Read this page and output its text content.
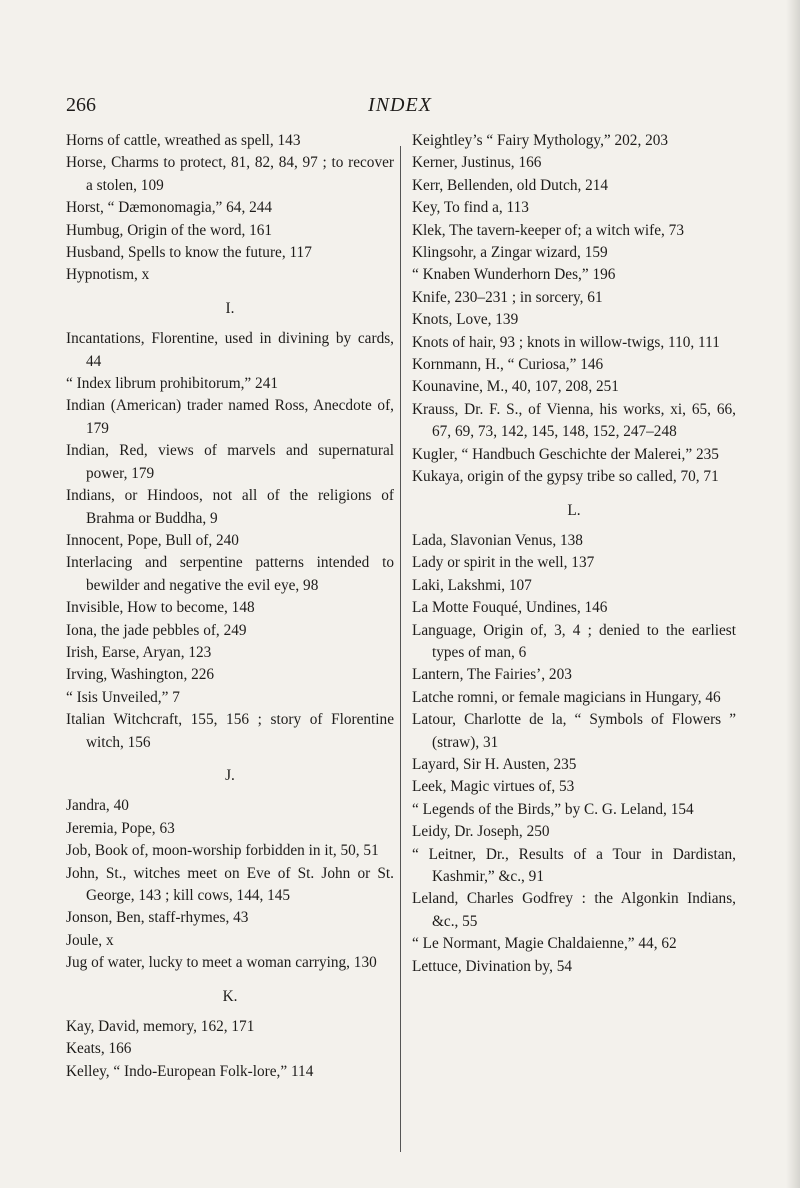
266	INDEX
Horns of cattle, wreathed as spell, 143
Horse, Charms to protect, 81, 82, 84, 97 ; to recover a stolen, 109
Horst, “ Dæmonomagia,” 64, 244
Humbug, Origin of the word, 161
Husband, Spells to know the future, 117
Hypnotism, x
I.
Incantations, Florentine, used in divining by cards, 44
“ Index librum prohibitorum,” 241
Indian (American) trader named Ross, Anecdote of, 179
Indian, Red, views of marvels and supernatural power, 179
Indians, or Hindoos, not all of the religions of Brahma or Buddha, 9
Innocent, Pope, Bull of, 240
Interlacing and serpentine patterns intended to bewilder and negative the evil eye, 98
Invisible, How to become, 148
Iona, the jade pebbles of, 249
Irish, Earse, Aryan, 123
Irving, Washington, 226
“ Isis Unveiled,” 7
Italian Witchcraft, 155, 156 ; story of Florentine witch, 156
J.
Jandra, 40
Jeremia, Pope, 63
Job, Book of, moon-worship forbidden in it, 50, 51
John, St., witches meet on Eve of St. John or St. George, 143 ; kill cows, 144, 145
Jonson, Ben, staff-rhymes, 43
Joule, x
Jug of water, lucky to meet a woman carrying, 130
K.
Kay, David, memory, 162, 171
Keats, 166
Kelley, “ Indo-European Folk-lore,” 114
Keightley’s “ Fairy Mythology,” 202, 203
Kerner, Justinus, 166
Kerr, Bellenden, old Dutch, 214
Key, To find a, 113
Klek, The tavern-keeper of; a witch wife, 73
Klingsohr, a Zingar wizard, 159
“ Knaben Wunderhorn Des,” 196
Knife, 230–231 ; in sorcery, 61
Knots, Love, 139
Knots of hair, 93 ; knots in willow-twigs, 110, 111
Kornmann, H., “ Curiosa,” 146
Kounavine, M., 40, 107, 208, 251
Krauss, Dr. F. S., of Vienna, his works, xi, 65, 66, 67, 69, 73, 142, 145, 148, 152, 247–248
Kugler, “ Handbuch Geschichte der Malerei,” 235
Kukaya, origin of the gypsy tribe so called, 70, 71
L.
Lada, Slavonian Venus, 138
Lady or spirit in the well, 137
Laki, Lakshmi, 107
La Motte Fouqué, Undines, 146
Language, Origin of, 3, 4 ; denied to the earliest types of man, 6
Lantern, The Fairies’, 203
Latche romni, or female magicians in Hungary, 46
Latour, Charlotte de la, “ Symbols of Flowers ” (straw), 31
Layard, Sir H. Austen, 235
Leek, Magic virtues of, 53
“ Legends of the Birds,” by C. G. Leland, 154
Leidy, Dr. Joseph, 250
“ Leitner, Dr., Results of a Tour in Dardistan, Kashmir,” &c., 91
Leland, Charles Godfrey : the Algonkin Indians, &c., 55
“ Le Normant, Magie Chaldaienne,” 44, 62
Lettuce, Divination by, 54
